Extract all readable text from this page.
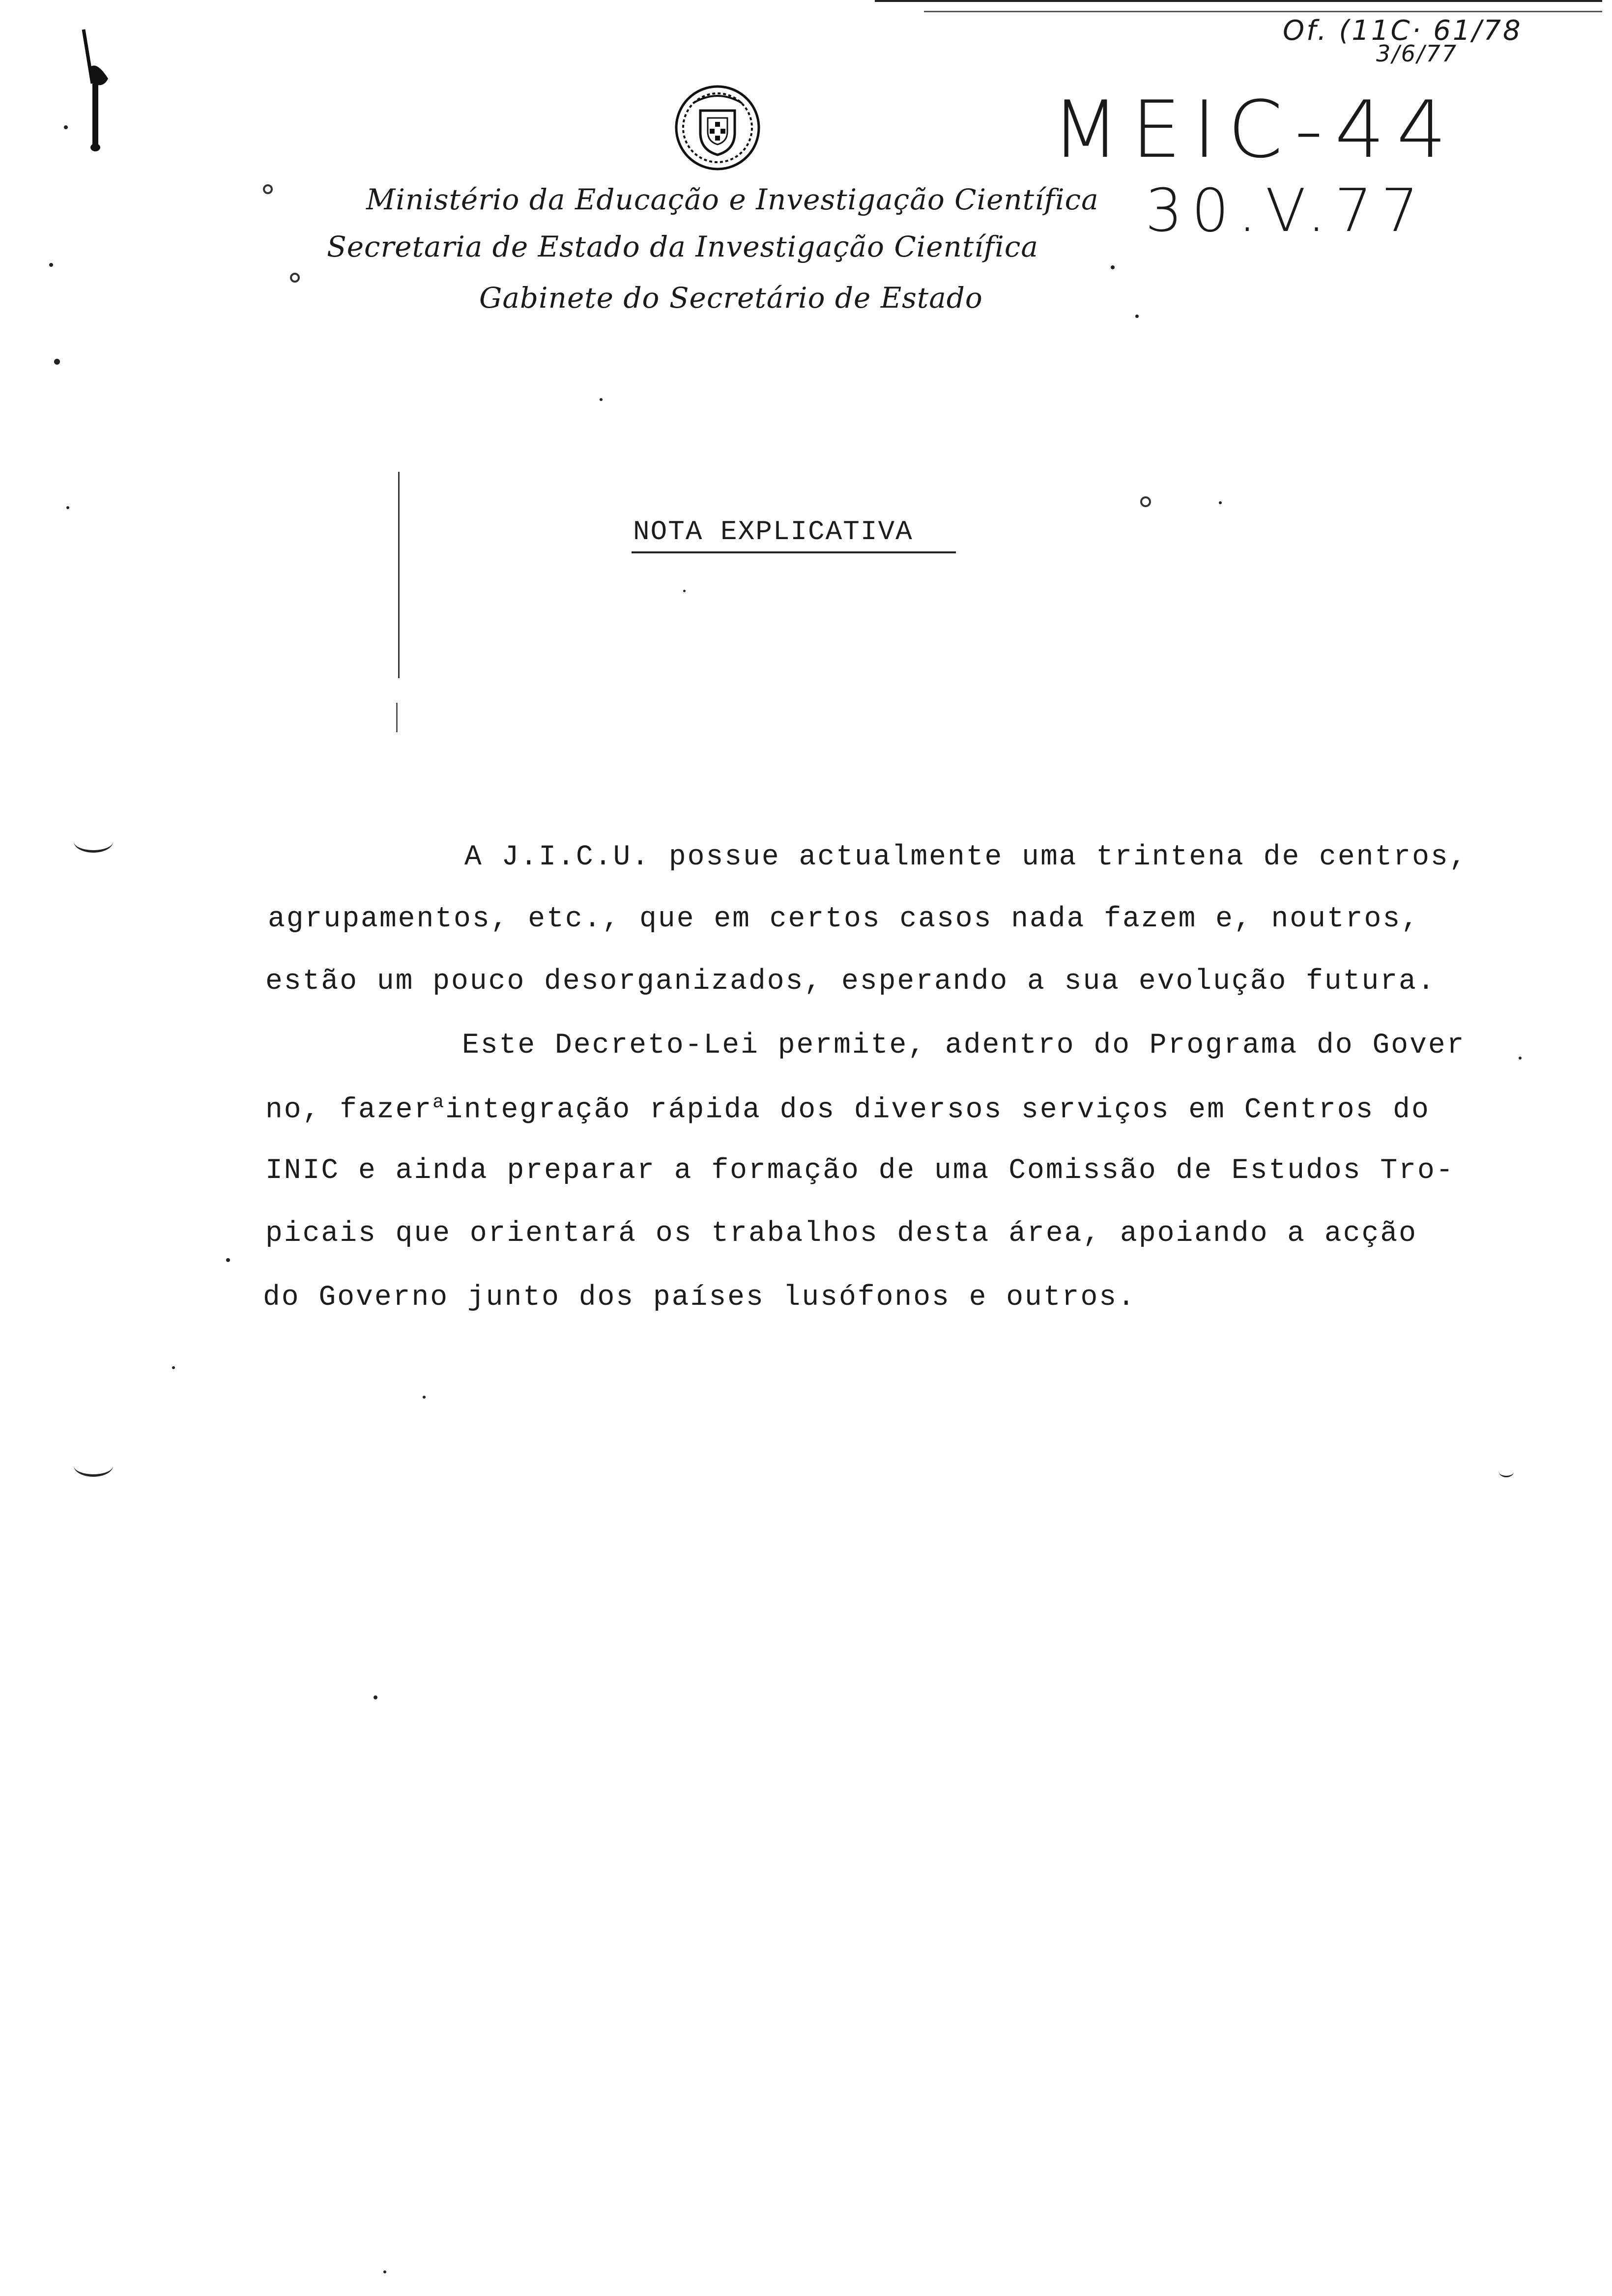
Of. (11C· 61/78
3/6/77
MEIC-44
30.V.77
Ministério da Educação e Investigação Científica
Secretaria de Estado da Investigação Científica
Gabinete do Secretário de Estado
NOTA EXPLICATIVA
A J.I.C.U. possue actualmente uma trintena de centros,
agrupamentos, etc., que em certos casos nada fazem e, noutros,
estão um pouco desorganizados, esperando a sua evolução futura.
Este Decreto-Lei permite, adentro do Programa do Gover
no, fazer$^a$integração rápida dos diversos serviços em Centros do
INIC e ainda preparar a formação de uma Comissão de Estudos Tro-
picais que orientará os trabalhos desta área, apoiando a acção
do Governo junto dos países lusófonos e outros.
